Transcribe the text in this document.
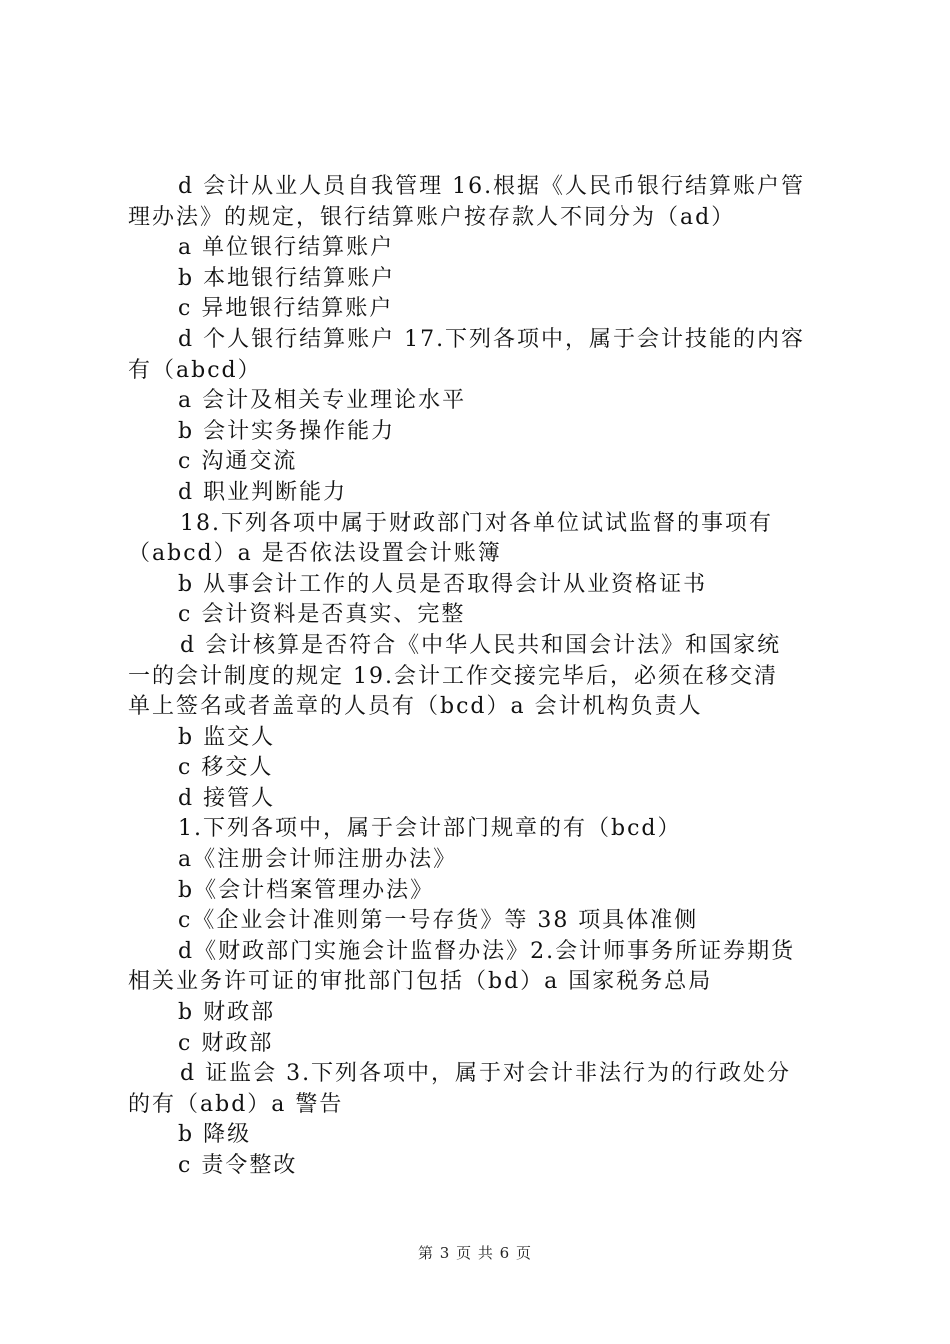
d 会计从业人员自我管理 16.根据《人民币银行结算账户管
理办法》的规定，银行结算账户按存款人不同分为（ad）
a 单位银行结算账户
b 本地银行结算账户
c 异地银行结算账户
d 个人银行结算账户 17.下列各项中，属于会计技能的内容
有（abcd）
a 会计及相关专业理论水平
b 会计实务操作能力
c 沟通交流
d 职业判断能力
18.下列各项中属于财政部门对各单位试试监督的事项有
（abcd）a 是否依法设置会计账簿
b 从事会计工作的人员是否取得会计从业资格证书
c 会计资料是否真实、完整
d 会计核算是否符合《中华人民共和国会计法》和国家统
一的会计制度的规定 19.会计工作交接完毕后，必须在移交清
单上签名或者盖章的人员有（bcd）a 会计机构负责人
b 监交人
c 移交人
d 接管人
1.下列各项中，属于会计部门规章的有（bcd）
a《注册会计师注册办法》
b《会计档案管理办法》
c《企业会计准则第一号存货》等 38 项具体准侧
d《财政部门实施会计监督办法》2.会计师事务所证券期货
相关业务许可证的审批部门包括（bd）a 国家税务总局
b 财政部
c 财政部
d 证监会 3.下列各项中，属于对会计非法行为的行政处分
的有（abd）a 警告
b 降级
c 责令整改
第 3 页 共 6 页
